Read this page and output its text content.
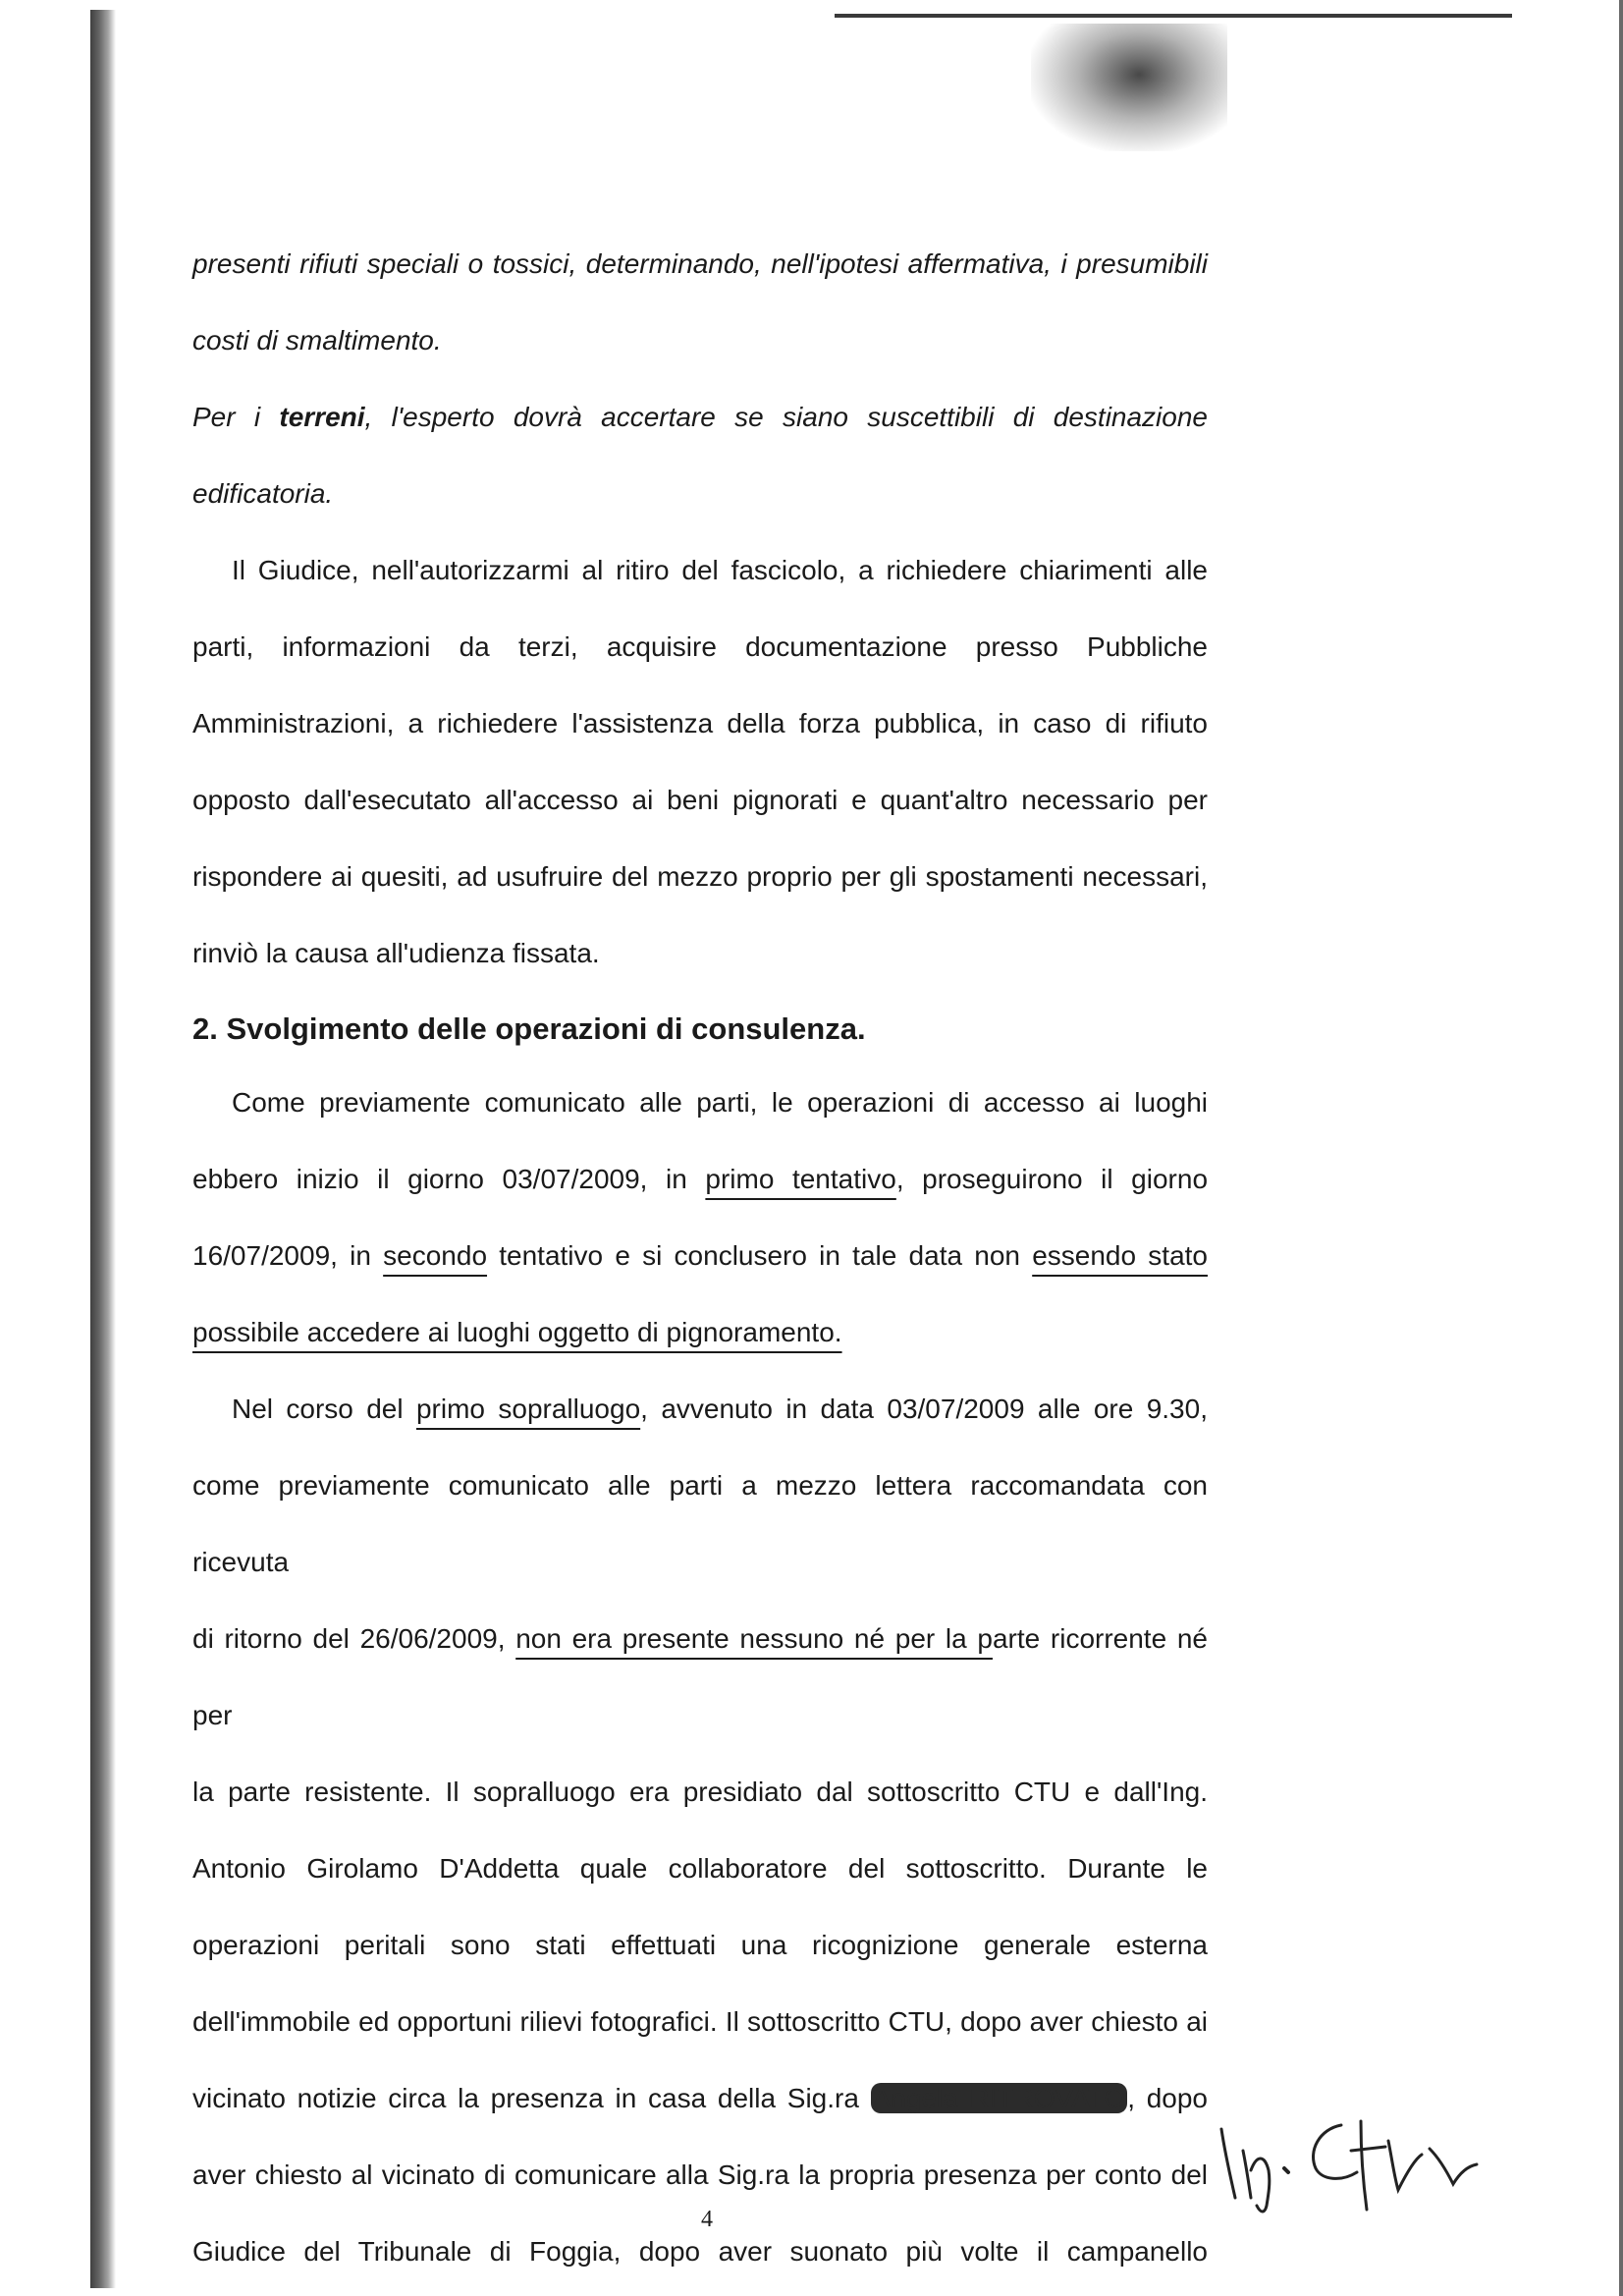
presenti rifiuti speciali o tossici, determinando, nell'ipotesi affermativa, i presumibili

costi di smaltimento.

Per i terreni, l'esperto dovrà accertare se siano suscettibili di destinazione

edificatoria.

Il Giudice, nell'autorizzarmi al ritiro del fascicolo, a richiedere chiarimenti alle

parti, informazioni da terzi, acquisire documentazione presso Pubbliche

Amministrazioni, a richiedere l'assistenza della forza pubblica, in caso di rifiuto

opposto dall'esecutato all'accesso ai beni pignorati e quant'altro necessario per

rispondere ai quesiti, ad usufruire del mezzo proprio per gli spostamenti necessari,

rinviò la causa all'udienza fissata.

2. Svolgimento delle operazioni di consulenza.

Come previamente comunicato alle parti, le operazioni di accesso ai luoghi

ebbero inizio il giorno 03/07/2009, in primo tentativo, proseguirono il giorno

16/07/2009, in secondo tentativo e si conclusero in tale data non essendo stato

possibile accedere ai luoghi oggetto di pignoramento.

Nel corso del primo sopralluogo, avvenuto in data 03/07/2009 alle ore 9.30,

come previamente comunicato alle parti a mezzo lettera raccomandata con ricevuta

di ritorno del 26/06/2009, non era presente nessuno né per la parte ricorrente né per

la parte resistente. Il sopralluogo era presidiato dal sottoscritto CTU e dall'Ing.

Antonio Girolamo D'Addetta quale collaboratore del sottoscritto. Durante le

operazioni peritali sono stati effettuati una ricognizione generale esterna

dell'immobile ed opportuni rilievi fotografici. Il sottoscritto CTU, dopo aver chiesto ai

vicinato notizie circa la presenza in casa della Sig.ra Angela RITROVATO, dopo

aver chiesto al vicinato di comunicare alla Sig.ra la propria presenza per conto del

Giudice del Tribunale di Foggia, dopo aver suonato più volte il campanello

4
